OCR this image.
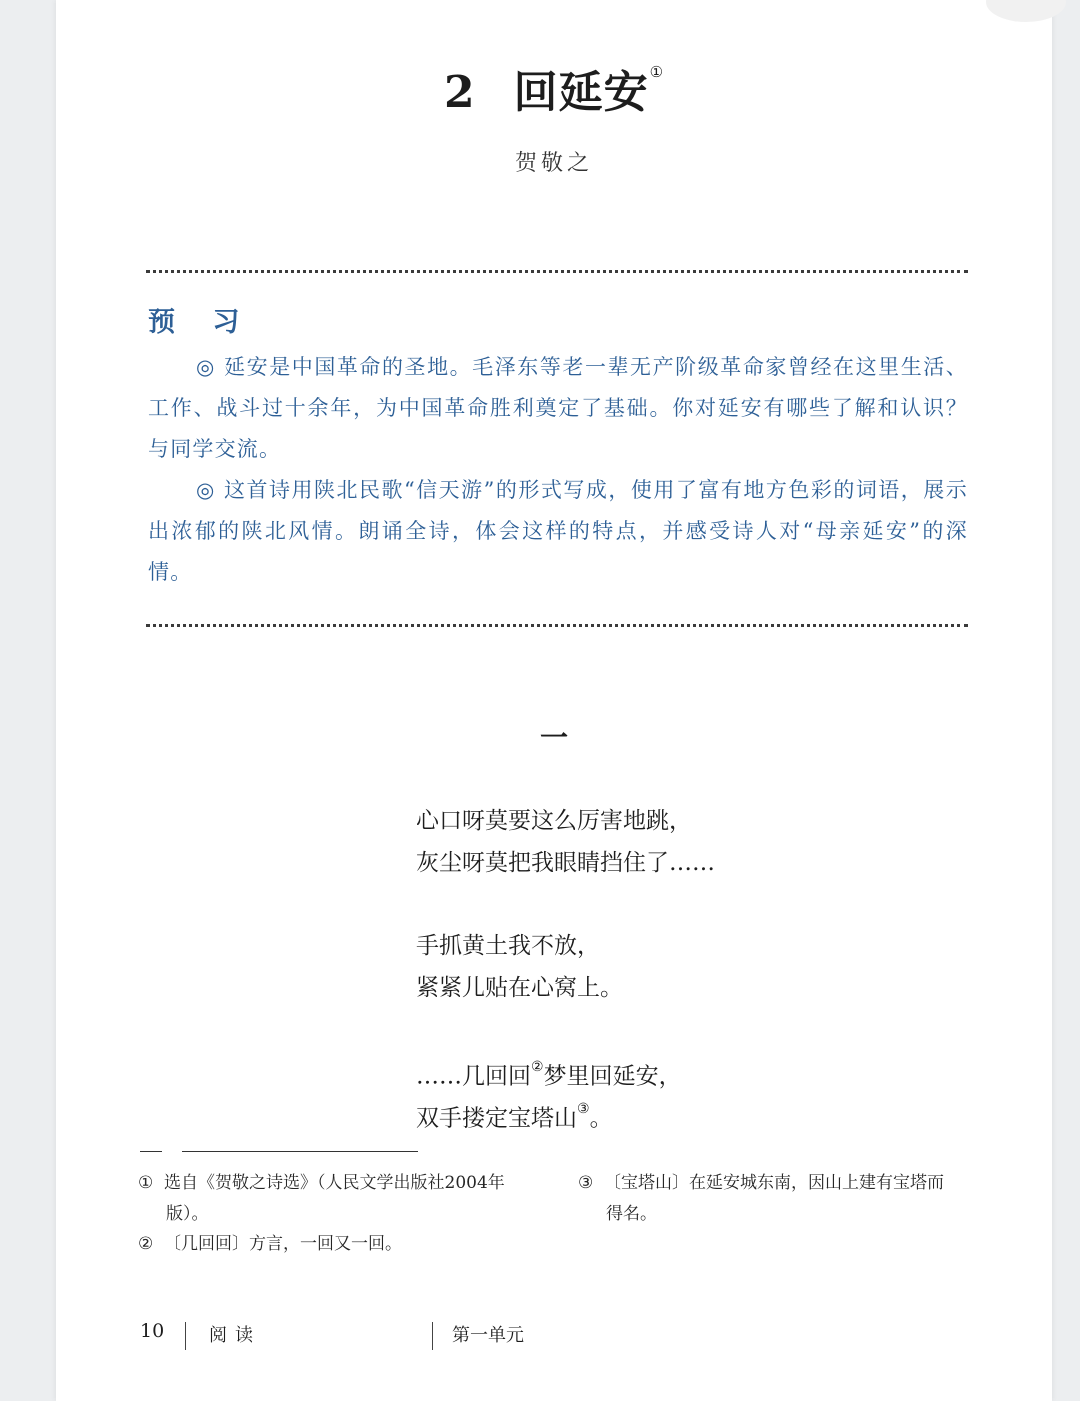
2 回延安①
贺敬之
预 习

◎ 延安是中国革命的圣地。毛泽东等老一辈无产阶级革命家曾经在这里生活、工作、战斗过十余年，为中国革命胜利奠定了基础。你对延安有哪些了解和认识？与同学交流。

◎ 这首诗用陕北民歌“信天游”的形式写成，使用了富有地方色彩的词语，展示出浓郁的陕北风情。朗诵全诗，体会这样的特点，并感受诗人对“母亲延安”的深情。

一
心口呀莫要这么厉害地跳，
灰尘呀莫把我眼睛挡住了……
手抓黄土我不放，
紧紧儿贴在心窝上。
……几回回②梦里回延安，
双手搂定宝塔山③。
① 选自《贺敬之诗选》（人民文学出版社2004年
版）。
② 〔几回回〕方言，一回又一回。
③ 〔宝塔山〕在延安城东南，因山上建有宝塔而
得名。
10 阅读	第一单元
